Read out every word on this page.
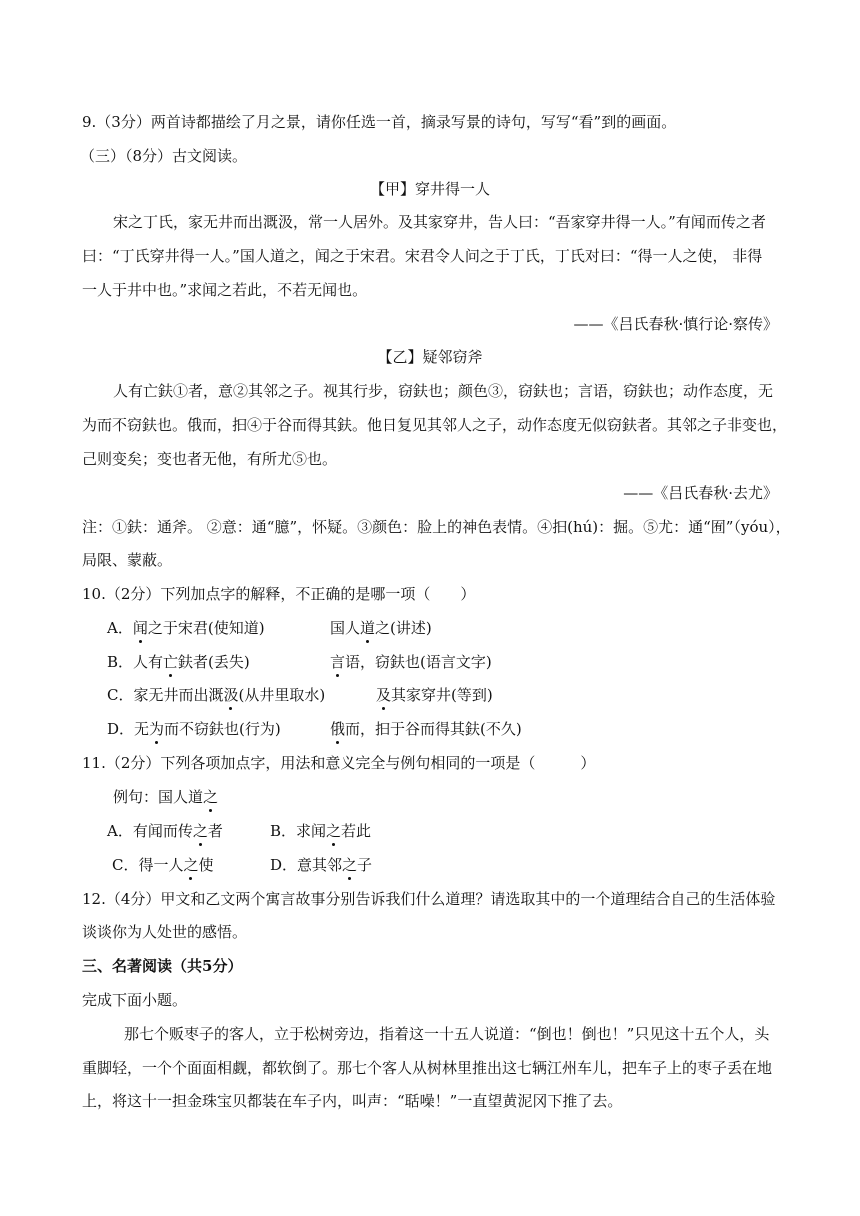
9.（3分）两首诗都描绘了月之景，请你任选一首，摘录写景的诗句，写写“看”到的画面。
（三）（8分）古文阅读。
【甲】穿井得一人
宋之丁氏，家无井而出溉汲，常一人居外。及其家穿井，告人曰：“吾家穿井得一人。”有闻而传之者
曰：“丁氏穿井得一人。”国人道之，闻之于宋君。宋君令人问之于丁氏，丁氏对曰：“得一人之使， 非得
一人于井中也。”求闻之若此，不若无闻也。
——《吕氏春秋·慎行论·察传》
【乙】疑邻窃斧
人有亡鈇①者，意②其邻之子。视其行步，窃鈇也；颜色③，窃鈇也；言语，窃鈇也；动作态度，无
为而不窃鈇也。俄而，抇④于谷而得其鈇。他日复见其邻人之子，动作态度无似窃鈇者。其邻之子非变也，
己则变矣；变也者无他，有所尤⑤也。
——《吕氏春秋·去尤》
注：①鈇：通斧。 ②意：通“臆”，怀疑。③颜色：脸上的神色表情。④抇(hú)：掘。⑤尤：通“囿”（yóu），
局限、蒙蔽。
10.（2分）下列加点字的解释，不正确的是哪一项（　　）
A．闻之于宋君(使知道)	国人道之(讲述)
B．人有亡鈇者(丢失)	言语，窃鈇也(语言文字)
C．家无井而出溉汲(从井里取水)	及其家穿井(等到)
D．无为而不窃鈇也(行为)	俄而，抇于谷而得其鈇(不久)
11.（2分）下列各项加点字，用法和意义完全与例句相同的一项是（　　　）
例句：国人道之
A．有闻而传之者	B．求闻之若此
C．得一人之使	D．意其邻之子
12.（4分）甲文和乙文两个寓言故事分别告诉我们什么道理？请选取其中的一个道理结合自己的生活体验
谈谈你为人处世的感悟。
三、名著阅读（共5分）
完成下面小题。
那七个贩枣子的客人，立于松树旁边，指着这一十五人说道：“倒也！倒也！”只见这十五个人，头
重脚轻，一个个面面相觑，都软倒了。那七个客人从树林里推出这七辆江州车儿，把车子上的枣子丢在地
上，将这十一担金珠宝贝都装在车子内，叫声：“聒噪！”一直望黄泥冈下推了去。
